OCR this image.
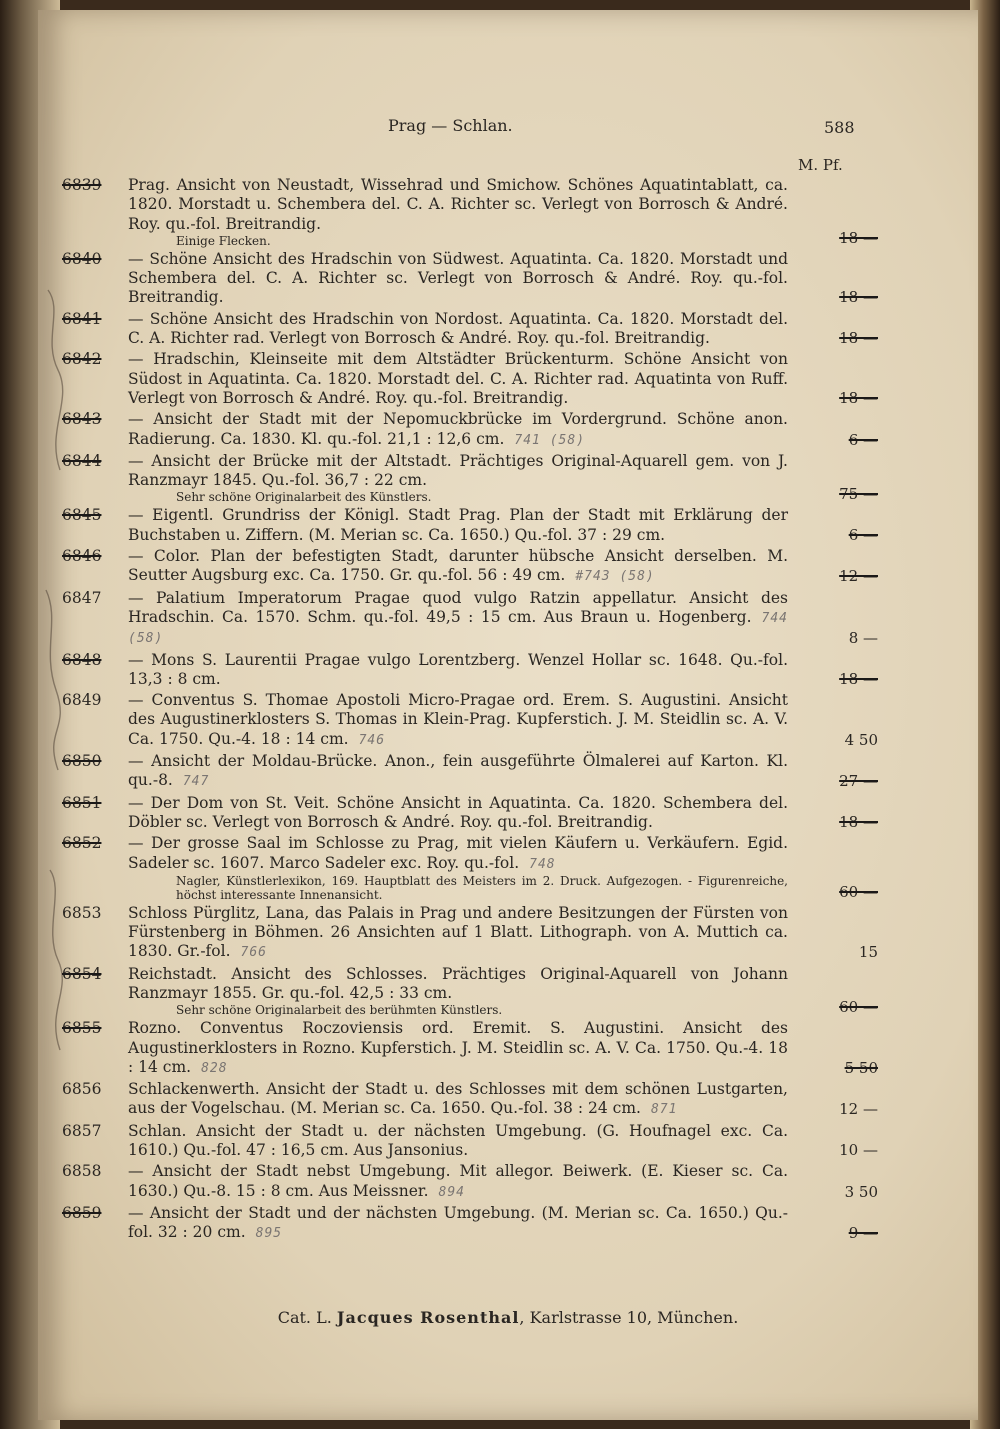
Prag — Schlan.	588
M. Pf.
6839	Prag. Ansicht von Neustadt, Wissehrad und Smichow. Schönes Aquatintablatt, ca. 1820. Morstadt u. Schembera del. C. A. Richter sc. Verlegt von Borrosch & André. Roy. qu.-fol. Breitrandig.
Einige Flecken.	18 —
6840	— Schöne Ansicht des Hradschin von Südwest. Aquatinta. Ca. 1820. Morstadt und Schembera del. C. A. Richter sc. Verlegt von Borrosch & André. Roy. qu.-fol. Breitrandig.	18 —
6841	— Schöne Ansicht des Hradschin von Nordost. Aquatinta. Ca. 1820. Morstadt del. C. A. Richter rad. Verlegt von Borrosch & André. Roy. qu.-fol. Breitrandig.	18 —
6842	— Hradschin, Kleinseite mit dem Altstädter Brückenturm. Schöne Ansicht von Südost in Aquatinta. Ca. 1820. Morstadt del. C. A. Richter rad. Aquatinta von Ruff. Verlegt von Borrosch & André. Roy. qu.-fol. Breitrandig.	18 —
6843	— Ansicht der Stadt mit der Nepomuckbrücke im Vordergrund. Schöne anon. Radierung. Ca. 1830. Kl. qu.-fol. 21,1 : 12,6 cm. 741 (58)	6 —
6844	— Ansicht der Brücke mit der Altstadt. Prächtiges Original-Aquarell gem. von J. Ranzmayr 1845. Qu.-fol. 36,7 : 22 cm.
Sehr schöne Originalarbeit des Künstlers.	75 —
6845	— Eigentl. Grundriss der Königl. Stadt Prag. Plan der Stadt mit Erklärung der Buchstaben u. Ziffern. (M. Merian sc. Ca. 1650.) Qu.-fol. 37 : 29 cm.	6 —
6846	— Color. Plan der befestigten Stadt, darunter hübsche Ansicht derselben. M. Seutter Augsburg exc. Ca. 1750. Gr. qu.-fol. 56 : 49 cm. #743 (58)	12 —
6847	— Palatium Imperatorum Pragae quod vulgo Ratzin appellatur. Ansicht des Hradschin. Ca. 1570. Schm. qu.-fol. 49,5 : 15 cm. Aus Braun u. Hogenberg. 744 (58)	8 —
6848	— Mons S. Laurentii Pragae vulgo Lorentzberg. Wenzel Hollar sc. 1648. Qu.-fol. 13,3 : 8 cm.	18 —
6849	— Conventus S. Thomae Apostoli Micro-Pragae ord. Erem. S. Augustini. Ansicht des Augustinerklosters S. Thomas in Klein-Prag. Kupferstich. J. M. Steidlin sc. A. V. Ca. 1750. Qu.-4. 18 : 14 cm. 746	4 50
6850	— Ansicht der Moldau-Brücke. Anon., fein ausgeführte Ölmalerei auf Karton. Kl. qu.-8. 747	27 —
6851	— Der Dom von St. Veit. Schöne Ansicht in Aquatinta. Ca. 1820. Schembera del. Döbler sc. Verlegt von Borrosch & André. Roy. qu.-fol. Breitrandig.	18 —
6852	— Der grosse Saal im Schlosse zu Prag, mit vielen Käufern u. Verkäufern. Egid. Sadeler sc. 1607. Marco Sadeler exc. Roy. qu.-fol. 748
Nagler, Künstlerlexikon, 169. Hauptblatt des Meisters im 2. Druck. Aufgezogen. - Figurenreiche, höchst interessante Innenansicht.	60 —
6853	Schloss Pürglitz, Lana, das Palais in Prag und andere Besitzungen der Fürsten von Fürstenberg in Böhmen. 26 Ansichten auf 1 Blatt. Lithograph. von A. Muttich ca. 1830. Gr.-fol. 766	15
6854	Reichstadt. Ansicht des Schlosses. Prächtiges Original-Aquarell von Johann Ranzmayr 1855. Gr. qu.-fol. 42,5 : 33 cm.
Sehr schöne Originalarbeit des berühmten Künstlers.	60 —
6855	Rozno. Conventus Roczoviensis ord. Eremit. S. Augustini. Ansicht des Augustinerklosters in Rozno. Kupferstich. J. M. Steidlin sc. A. V. Ca. 1750. Qu.-4. 18 : 14 cm. 828	5 50
6856	Schlackenwerth. Ansicht der Stadt u. des Schlosses mit dem schönen Lustgarten, aus der Vogelschau. (M. Merian sc. Ca. 1650. Qu.-fol. 38 : 24 cm. 871	12 —
6857	Schlan. Ansicht der Stadt u. der nächsten Umgebung. (G. Houfnagel exc. Ca. 1610.) Qu.-fol. 47 : 16,5 cm. Aus Jansonius.	10 —
6858	— Ansicht der Stadt nebst Umgebung. Mit allegor. Beiwerk. (E. Kieser sc. Ca. 1630.) Qu.-8. 15 : 8 cm. Aus Meissner. 894	3 50
6859	— Ansicht der Stadt und der nächsten Umgebung. (M. Merian sc. Ca. 1650.) Qu.-fol. 32 : 20 cm. 895	9 —
Cat. L. Jacques Rosenthal, Karlstrasse 10, München.
